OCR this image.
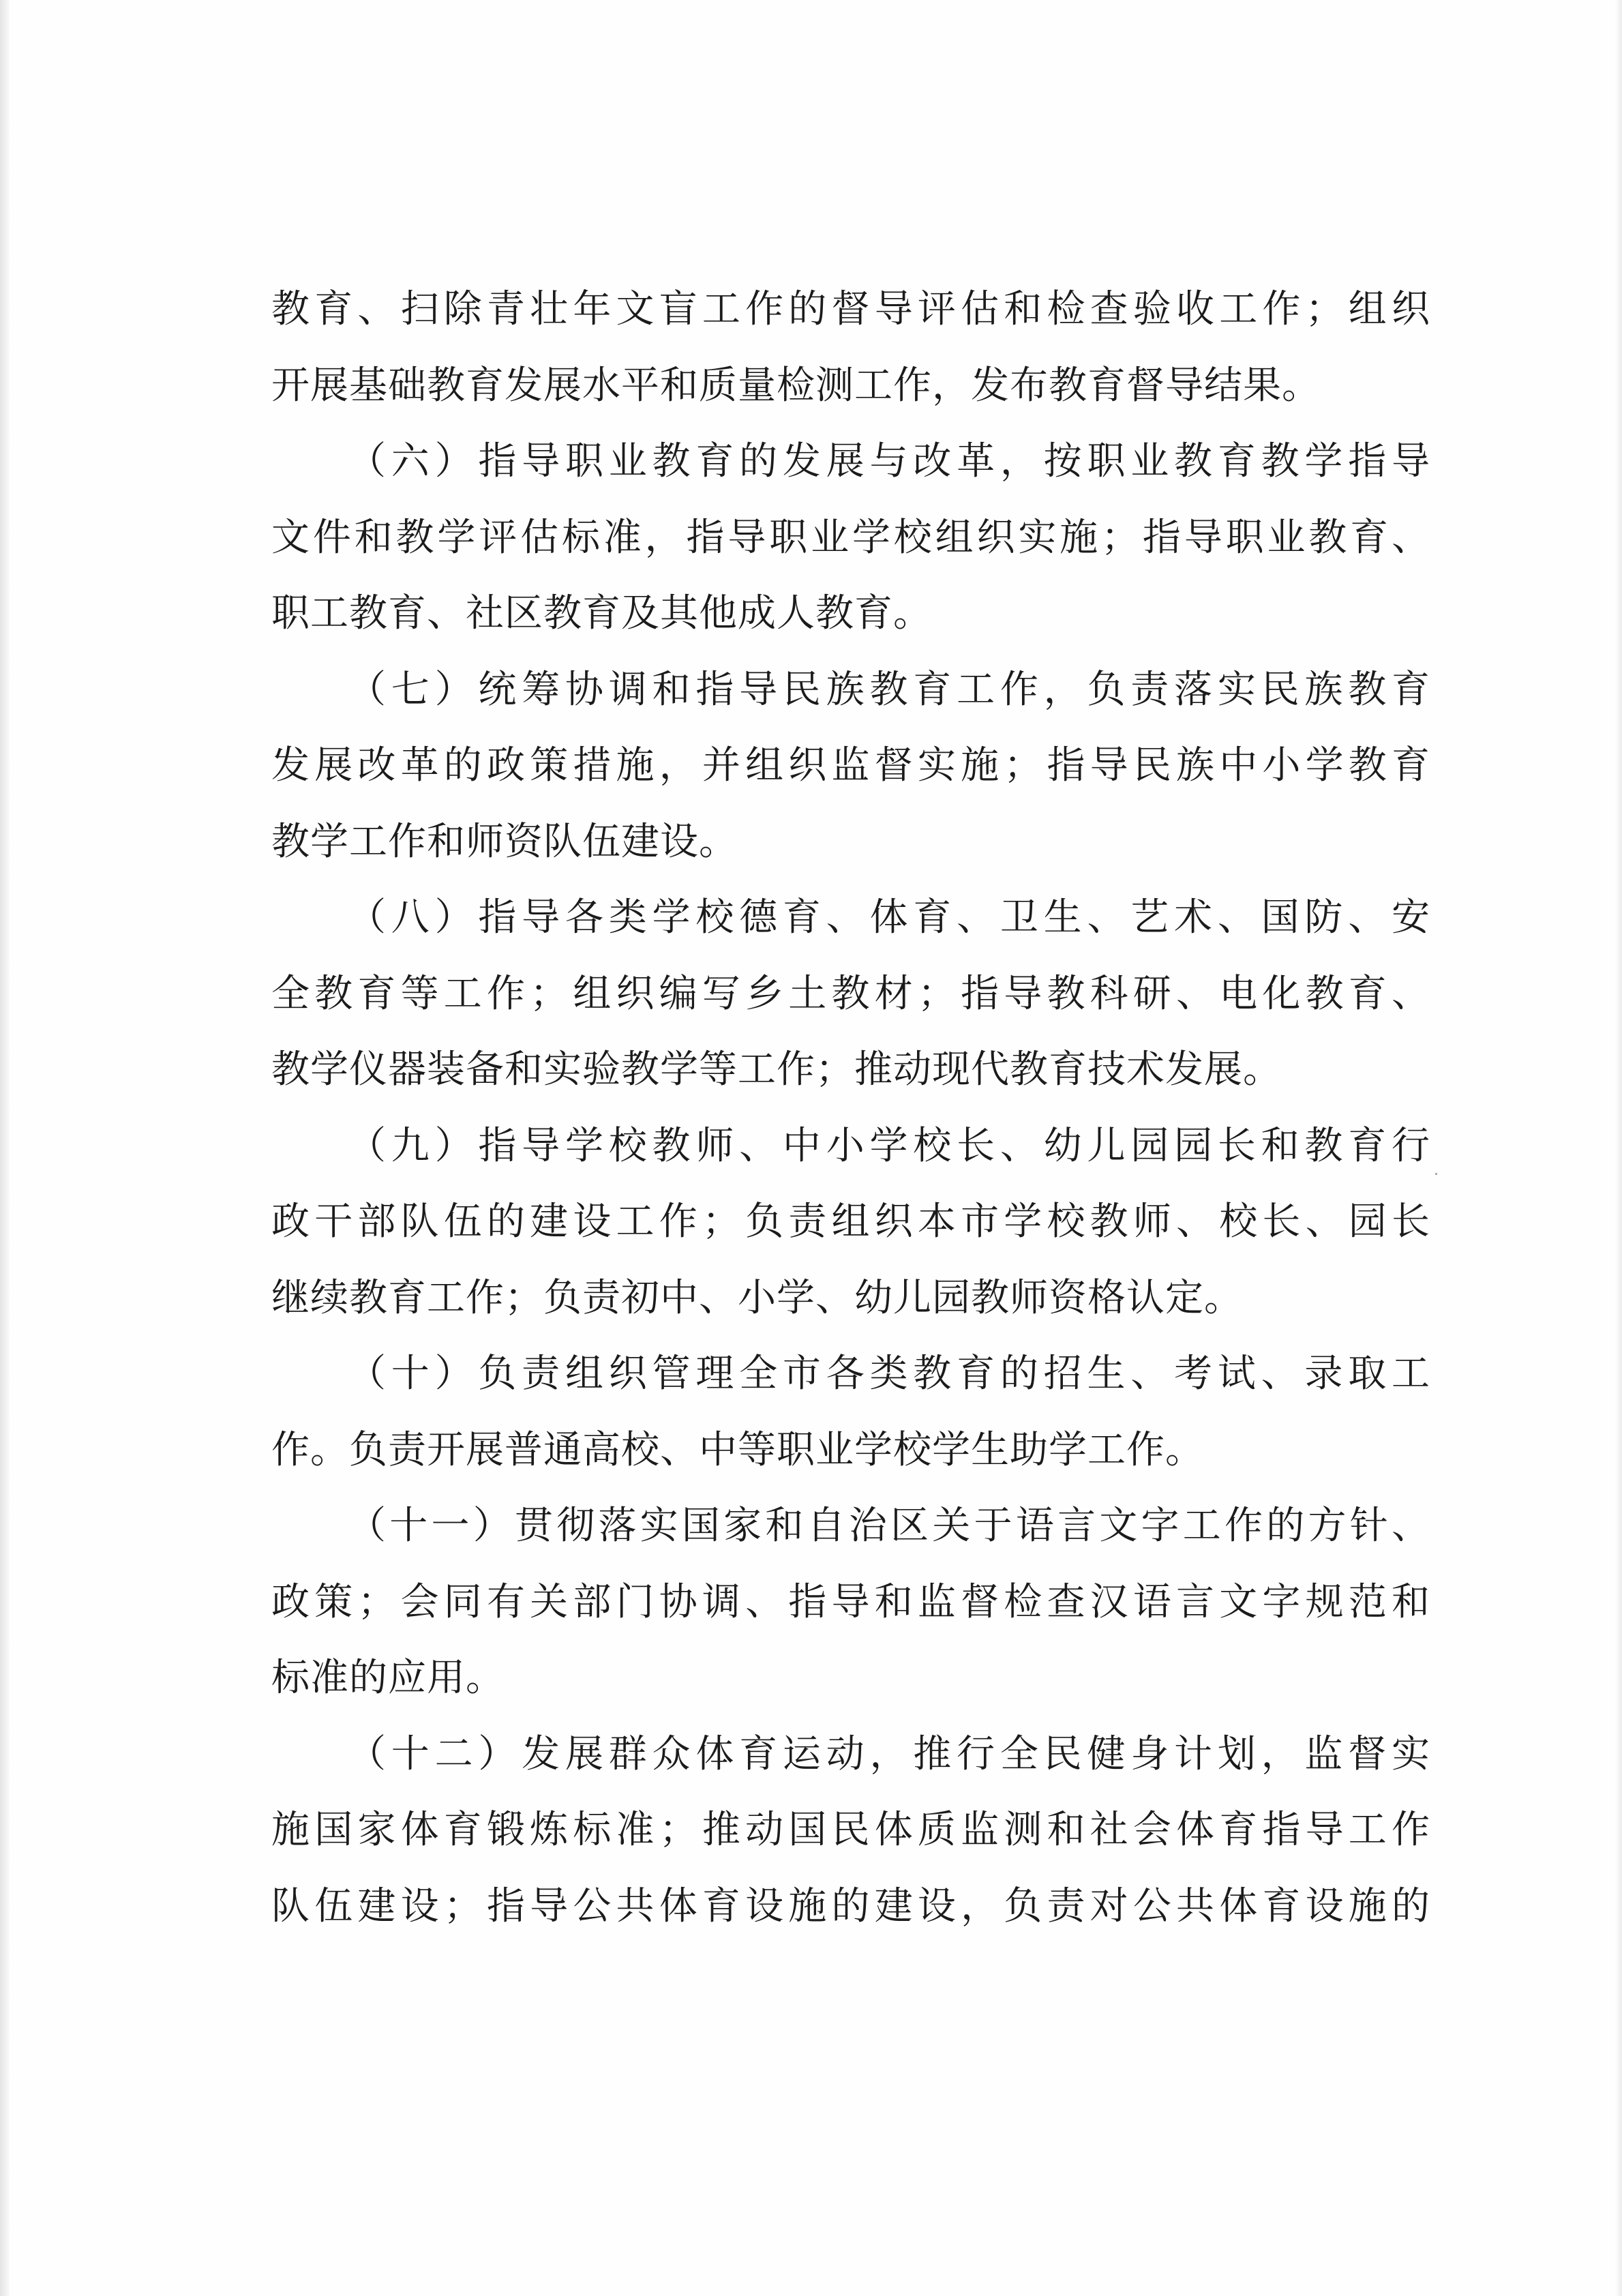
教育、扫除青壮年文盲工作的督导评估和检查验收工作；组织
开展基础教育发展水平和质量检测工作，发布教育督导结果。
（六）指导职业教育的发展与改革，按职业教育教学指导
文件和教学评估标准，指导职业学校组织实施；指导职业教育、
职工教育、社区教育及其他成人教育。
（七）统筹协调和指导民族教育工作，负责落实民族教育
发展改革的政策措施，并组织监督实施；指导民族中小学教育
教学工作和师资队伍建设。
（八）指导各类学校德育、体育、卫生、艺术、国防、安
全教育等工作；组织编写乡土教材；指导教科研、电化教育、
教学仪器装备和实验教学等工作；推动现代教育技术发展。
（九）指导学校教师、中小学校长、幼儿园园长和教育行
政干部队伍的建设工作；负责组织本市学校教师、校长、园长
继续教育工作；负责初中、小学、幼儿园教师资格认定。
（十）负责组织管理全市各类教育的招生、考试、录取工
作。负责开展普通高校、中等职业学校学生助学工作。
（十一）贯彻落实国家和自治区关于语言文字工作的方针、
政策；会同有关部门协调、指导和监督检查汉语言文字规范和
标准的应用。
（十二）发展群众体育运动，推行全民健身计划，监督实
施国家体育锻炼标准；推动国民体质监测和社会体育指导工作
队伍建设；指导公共体育设施的建设，负责对公共体育设施的
